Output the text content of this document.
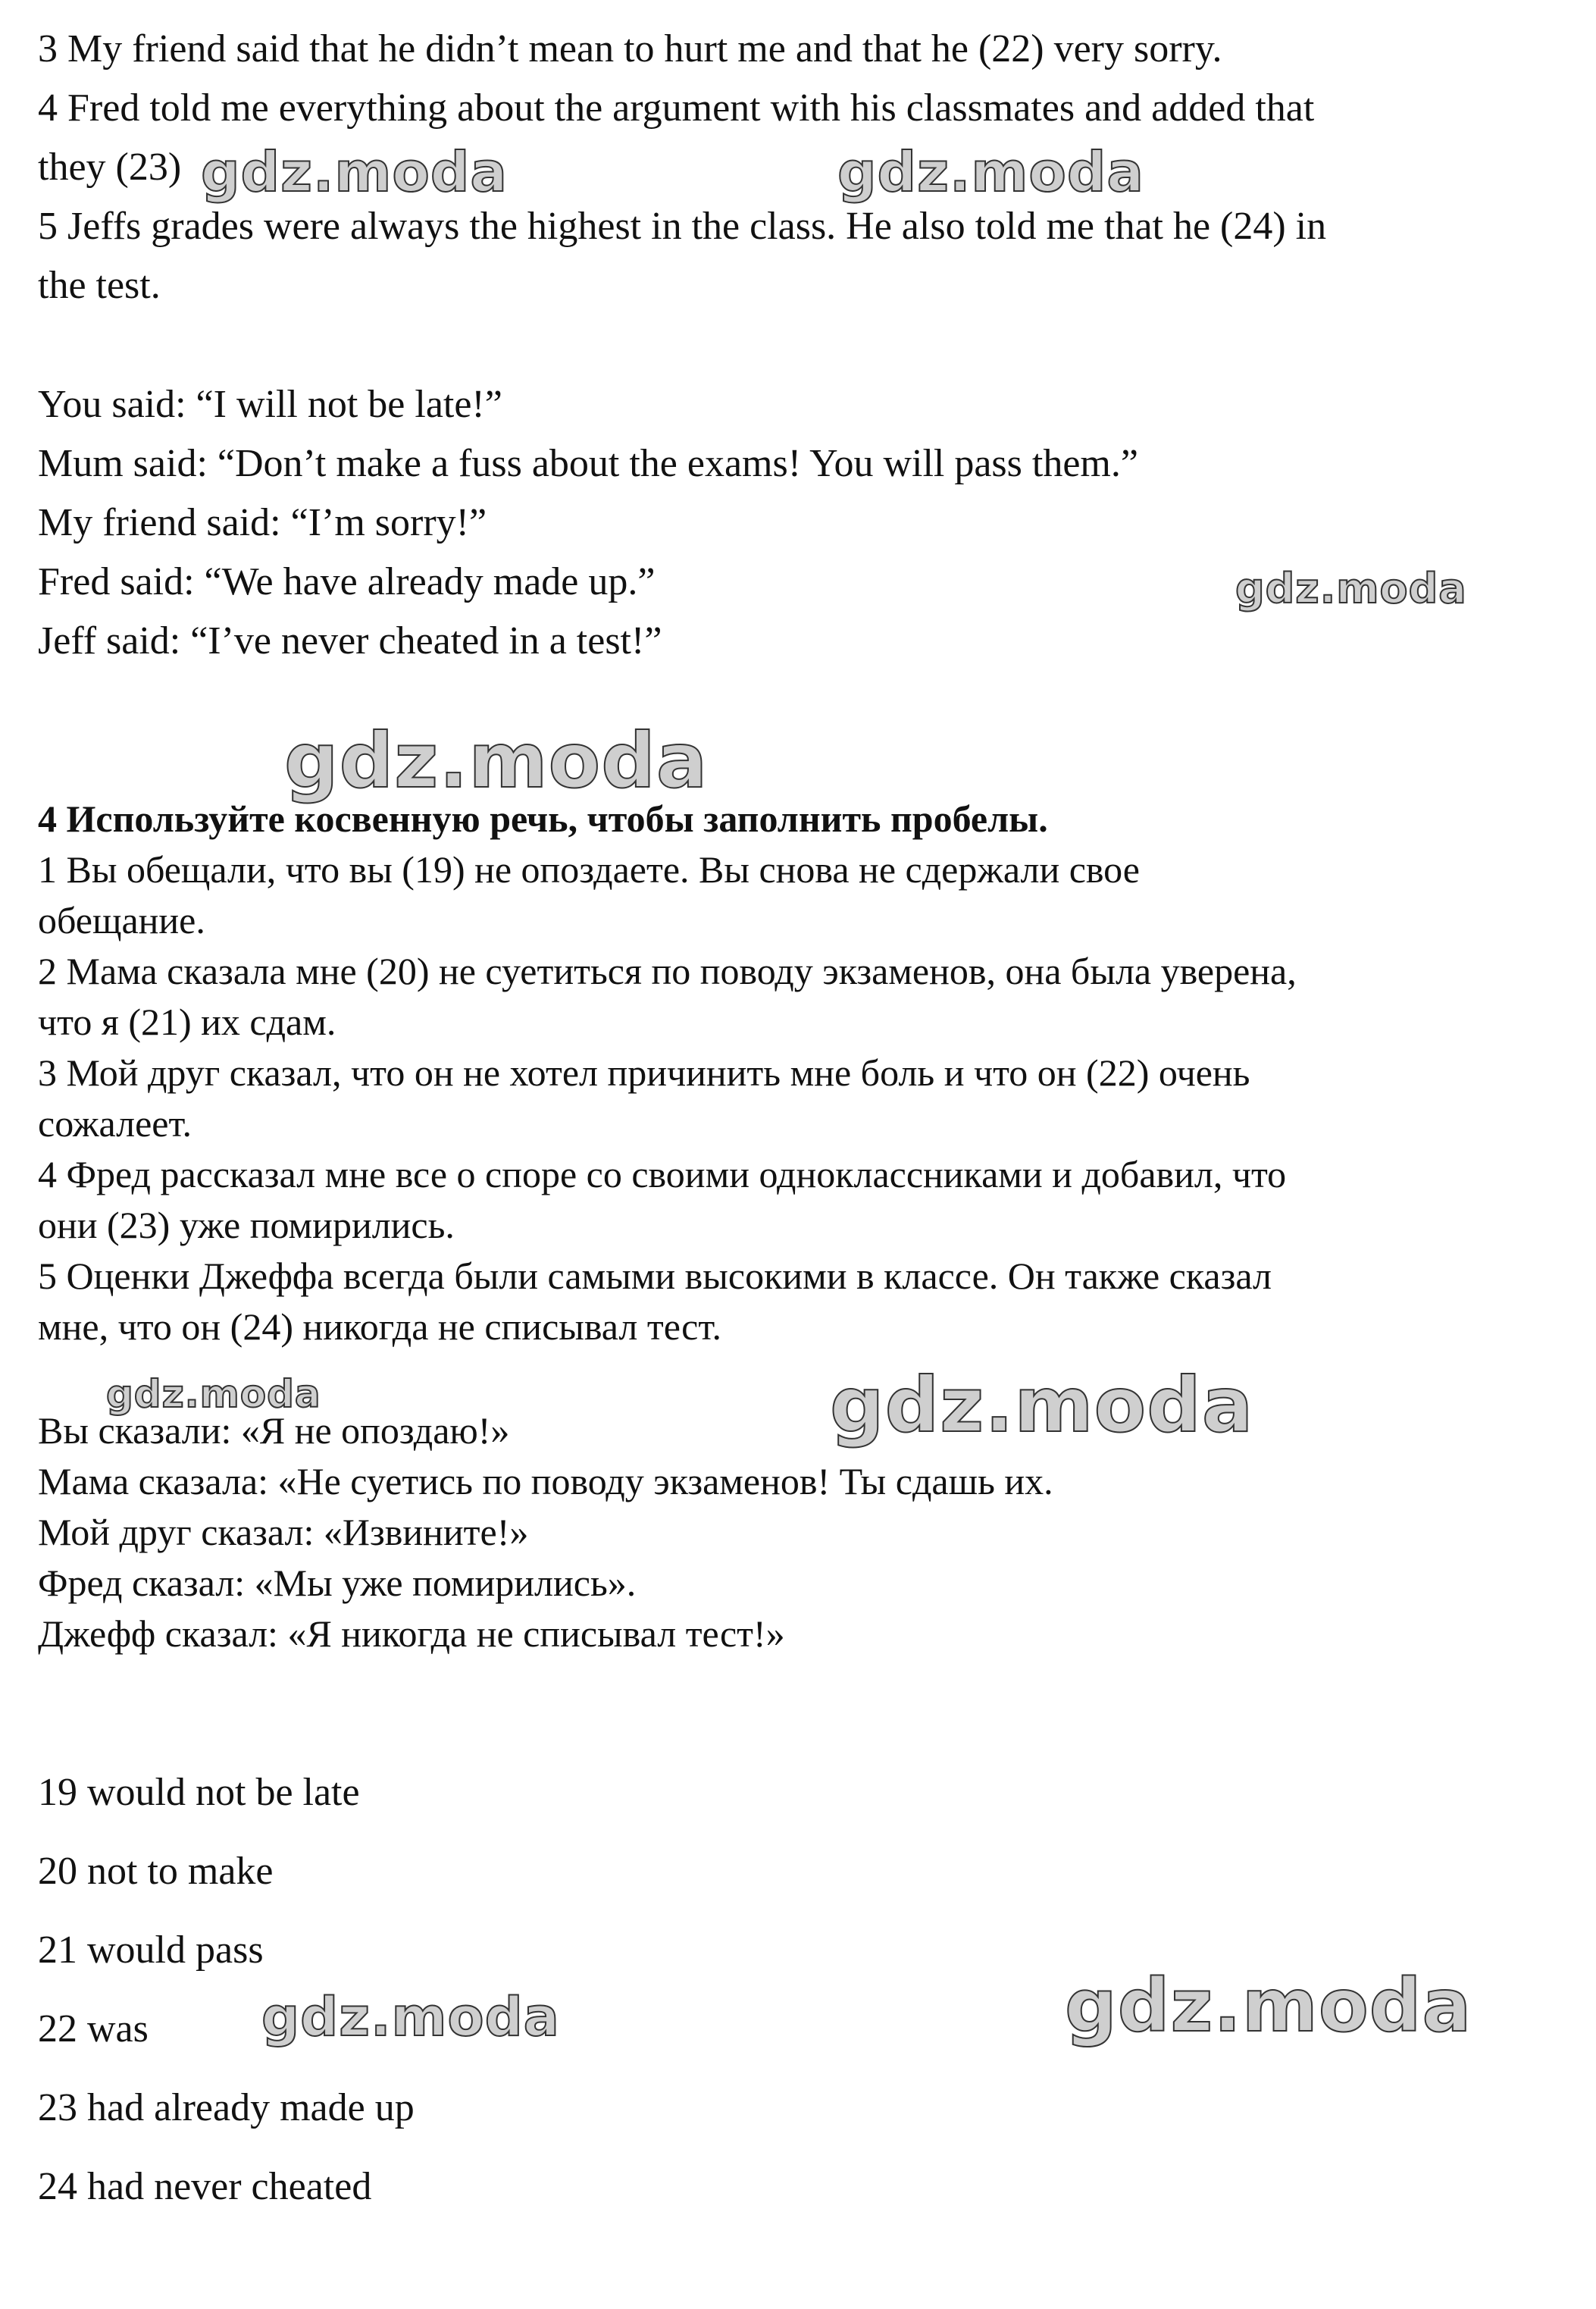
3 My friend said that he didn’t mean to hurt me and that he (22) very sorry.
4 Fred told me everything about the argument with his classmates and added that
they (23)
5 Jeffs grades were always the highest in the class. He also told me that he (24) in
the test.
You said: “I will not be late!”
Mum said: “Don’t make a fuss about the exams! You will pass them.”
My friend said: “I’m sorry!”
Fred said: “We have already made up.”
Jeff said: “I’ve never cheated in a test!”
4 Используйте косвенную речь, чтобы заполнить пробелы.
1 Вы обещали, что вы (19) не опоздаете. Вы снова не сдержали свое
обещание.
2 Мама сказала мне (20) не суетиться по поводу экзаменов, она была уверена,
что я (21) их сдам.
3 Мой друг сказал, что он не хотел причинить мне боль и что он (22) очень
сожалеет.
4 Фред рассказал мне все о споре со своими одноклассниками и добавил, что
они (23) уже помирились.
5 Оценки Джеффа всегда были самыми высокими в классе. Он также сказал
мне, что он (24) никогда не списывал тест.
Вы сказали: «Я не опоздаю!»
Мама сказала: «Не суетись по поводу экзаменов! Ты сдашь их.
Мой друг сказал: «Извините!»
Фред сказал: «Мы уже помирились».
Джефф сказал: «Я никогда не списывал тест!»
19 would not be late
20 not to make
21 would pass
22 was
23 had already made up
24 had never cheated
gdz.moda	gdz.moda
gdz.moda
gdz.moda
gdz.moda	gdz.moda
gdz.moda
gdz.moda
